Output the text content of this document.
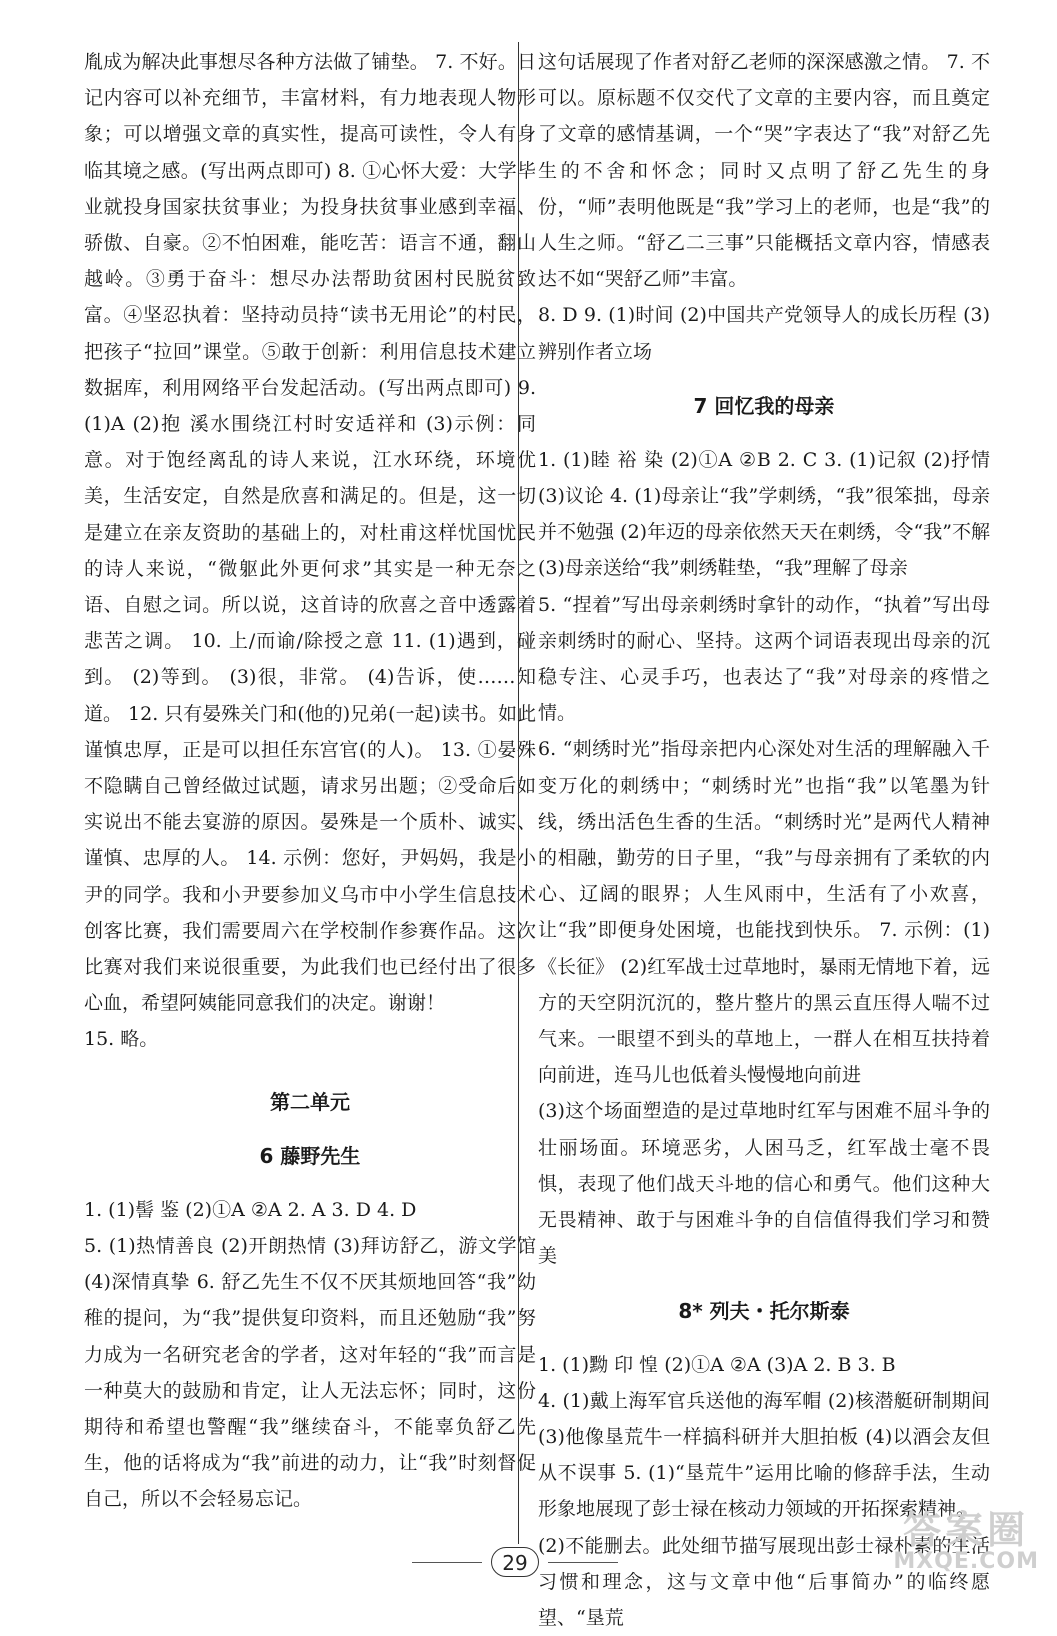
胤成为解决此事想尽各种方法做了铺垫。 7. 不好。日记内容可以补充细节，丰富材料，有力地表现人物形象；可以增强文章的真实性，提高可读性，令人有身临其境之感。(写出两点即可) 8. ①心怀大爱：大学毕业就投身国家扶贫事业；为投身扶贫事业感到幸福、骄傲、自豪。②不怕困难，能吃苦：语言不通，翻山越岭。③勇于奋斗：想尽办法帮助贫困村民脱贫致富。④坚忍执着：坚持动员持“读书无用论”的村民，把孩子“拉回”课堂。⑤敢于创新：利用信息技术建立数据库，利用网络平台发起活动。(写出两点即可) 9. (1)A (2)抱 溪水围绕江村时安适祥和 (3)示例：同意。对于饱经离乱的诗人来说，江水环绕，环境优美，生活安定，自然是欣喜和满足的。但是，这一切是建立在亲友资助的基础上的，对杜甫这样忧国忧民的诗人来说，“微躯此外更何求”其实是一种无奈之语、自慰之词。所以说，这首诗的欣喜之音中透露着悲苦之调。 10. 上/而谕/除授之意 11. (1)遇到，碰到。 (2)等到。 (3)很，非常。 (4)告诉，使……知道。 12. 只有晏殊关门和(他的)兄弟(一起)读书。如此谨慎忠厚，正是可以担任东宫官(的人)。 13. ①晏殊不隐瞒自己曾经做过试题，请求另出题；②受命后如实说出不能去宴游的原因。晏殊是一个质朴、诚实、谨慎、忠厚的人。 14. 示例：您好，尹妈妈，我是小尹的同学。我和小尹要参加义乌市中小学生信息技术创客比赛，我们需要周六在学校制作参赛作品。这次比赛对我们来说很重要，为此我们也已经付出了很多心血，希望阿姨能同意我们的决定。谢谢！

15. 略。

第二单元
6 藤野先生

1. (1)髻 鉴 (2)①A ②A 2. A 3. D 4. D

5. (1)热情善良 (2)开朗热情 (3)拜访舒乙，游文学馆 (4)深情真挚 6. 舒乙先生不仅不厌其烦地回答“我”幼稚的提问，为“我”提供复印资料，而且还勉励“我”努力成为一名研究老舍的学者，这对年轻的“我”而言是一种莫大的鼓励和肯定，让人无法忘怀；同时，这份期待和希望也警醒“我”继续奋斗，不能辜负舒乙先生，他的话将成为“我”前进的动力，让“我”时刻督促自己，所以不会轻易忘记。

这句话展现了作者对舒乙老师的深深感激之情。 7. 不可以。原标题不仅交代了文章的主要内容，而且奠定了文章的感情基调，一个“哭”字表达了“我”对舒乙先生的不舍和怀念；同时又点明了舒乙先生的身份，“师”表明他既是“我”学习上的老师，也是“我”的人生之师。“舒乙二三事”只能概括文章内容，情感表达不如“哭舒乙师”丰富。

8. D 9. (1)时间 (2)中国共产党领导人的成长历程 (3)辨别作者立场

7 回忆我的母亲

1. (1)睦 裕 染 (2)①A ②B 2. C 3. (1)记叙 (2)抒情 (3)议论 4. (1)母亲让“我”学刺绣，“我”很笨拙，母亲并不勉强 (2)年迈的母亲依然天天在刺绣，令“我”不解 (3)母亲送给“我”刺绣鞋垫，“我”理解了母亲

5. “捏着”写出母亲刺绣时拿针的动作，“执着”写出母亲刺绣时的耐心、坚持。这两个词语表现出母亲的沉稳专注、心灵手巧，也表达了“我”对母亲的疼惜之情。

6. “刺绣时光”指母亲把内心深处对生活的理解融入千变万化的刺绣中；“刺绣时光”也指“我”以笔墨为针线，绣出活色生香的生活。“刺绣时光”是两代人精神的相融，勤劳的日子里，“我”与母亲拥有了柔软的内心、辽阔的眼界；人生风雨中，生活有了小欢喜，让“我”即便身处困境，也能找到快乐。 7. 示例：(1)《长征》 (2)红军战士过草地时，暴雨无情地下着，远方的天空阴沉沉的，整片整片的黑云直压得人喘不过气来。一眼望不到头的草地上，一群人在相互扶持着向前进，连马儿也低着头慢慢地向前进

(3)这个场面塑造的是过草地时红军与困难不屈斗争的壮丽场面。环境恶劣，人困马乏，红军战士毫不畏惧，表现了他们战天斗地的信心和勇气。他们这种大无畏精神、敢于与困难斗争的自信值得我们学习和赞美

8* 列夫・托尔斯泰

1. (1)黝 印 惶 (2)①A ②A (3)A 2. B 3. B

4. (1)戴上海军官兵送他的海军帽 (2)核潜艇研制期间 (3)他像垦荒牛一样搞科研并大胆拍板 (4)以酒会友但从不误事 5. (1)“垦荒牛”运用比喻的修辞手法，生动形象地展现了彭士禄在核动力领域的开拓探索精神。

(2)不能删去。此处细节描写展现出彭士禄朴素的生活习惯和理念，这与文章中他“后事简办”的临终愿望、“垦荒

29
答案圈
MXQE.COM
